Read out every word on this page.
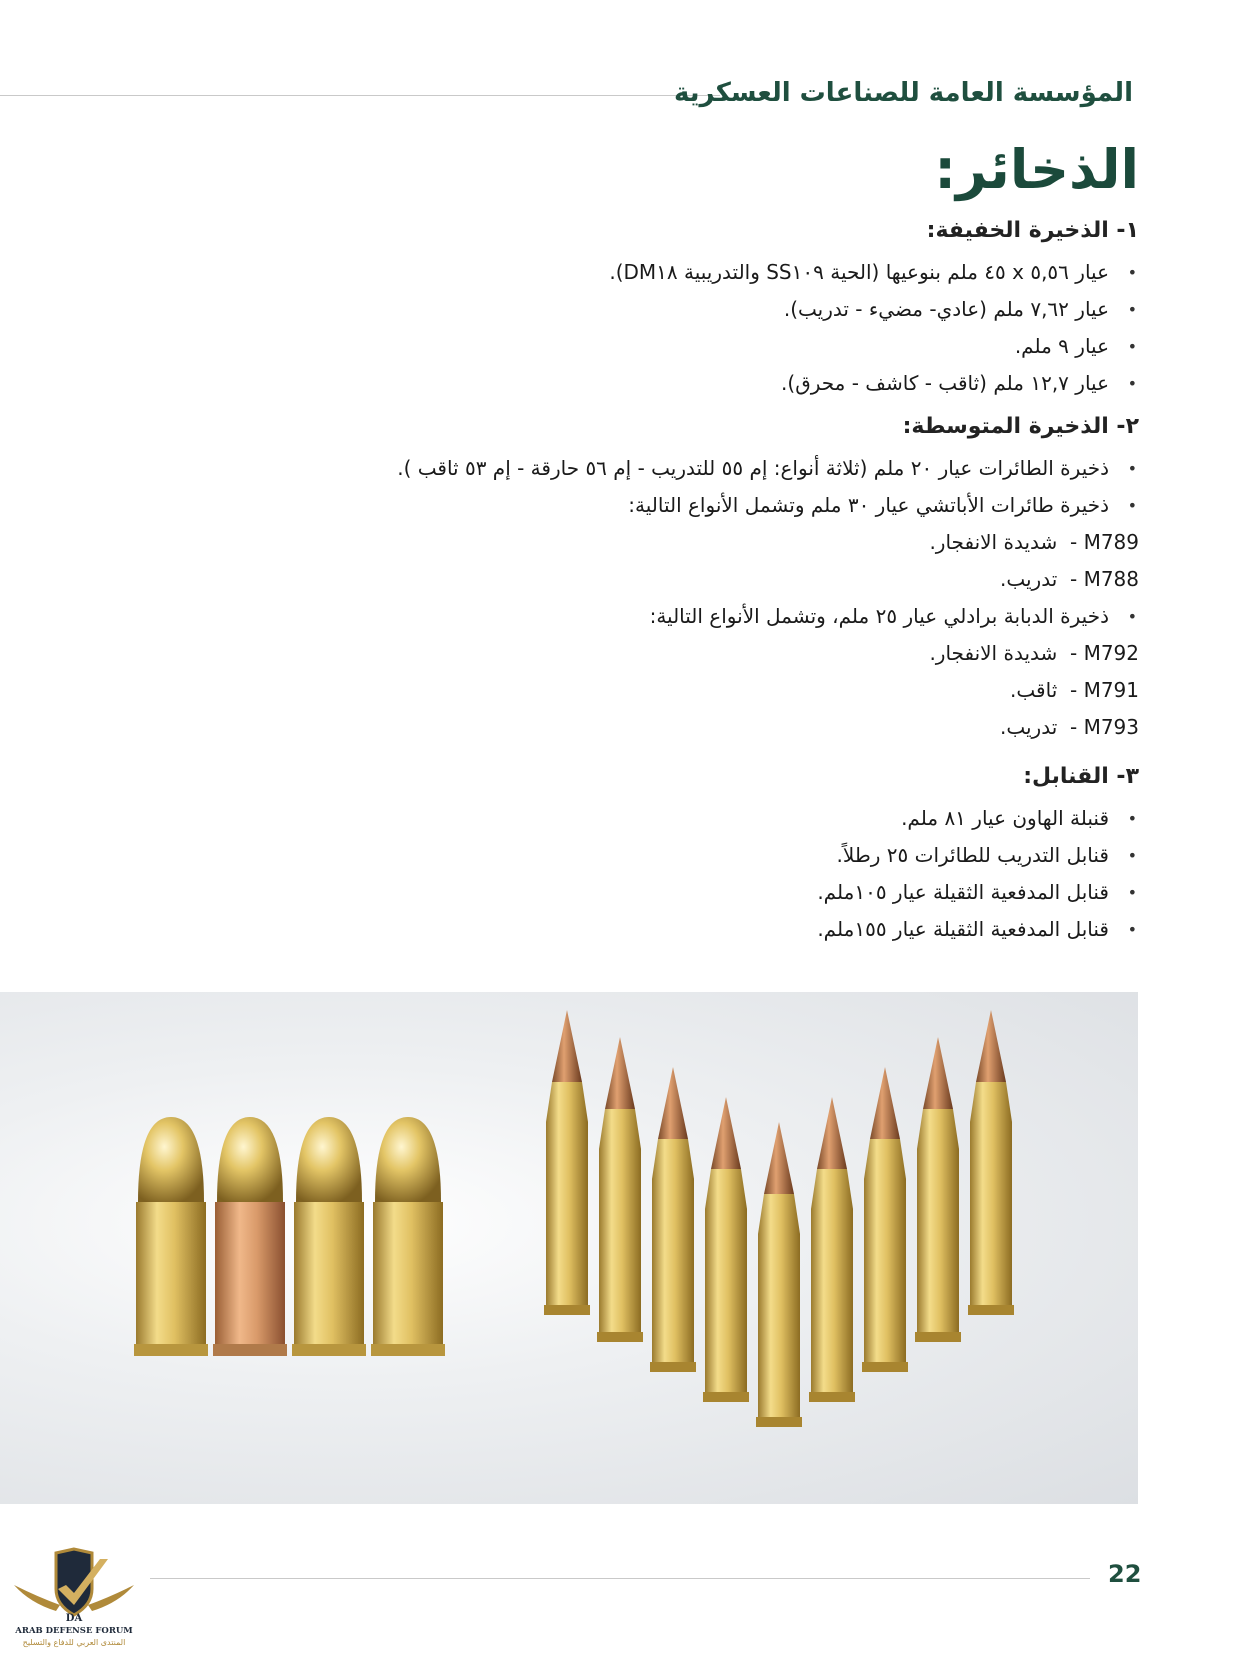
المؤسسة العامة للصناعات العسكرية
الذخائر:
١- الذخيرة الخفيفة:
•
عيار ٥,٥٦ x ٤٥ ملم بنوعيها (الحية SS١٠٩ والتدريبية DM١٨).
•
عيار ٧,٦٢ ملم (عادي- مضيء - تدريب).
•
عيار ٩ ملم.
•
عيار ١٢,٧ ملم (ثاقب - كاشف - محرق).
٢- الذخيرة المتوسطة:
•
ذخيرة الطائرات عيار ٢٠ ملم (ثلاثة أنواع: إم ٥٥ للتدريب - إم ٥٦ حارقة - إم ٥٣ ثاقب ).
•
ذخيرة طائرات الأباتشي عيار ٣٠ ملم وتشمل الأنواع التالية:
- M789  شديدة الانفجار.
- M788  تدريب.
•
ذخيرة الدبابة برادلي عيار ٢٥ ملم، وتشمل الأنواع التالية:
- M792  شديدة الانفجار.
- M791  ثاقب.
- M793  تدريب.
٣- القنابل:
•
قنبلة الهاون عيار ٨١ ملم.
•
قنابل التدريب للطائرات ٢٥ رطلاً.
•
قنابل المدفعية الثقيلة عيار ١٠٥ملم.
•
قنابل المدفعية الثقيلة عيار ١٥٥ملم.
22
DA
ARAB DEFENSE FORUM
المنتدى العربي للدفاع والتسليح
